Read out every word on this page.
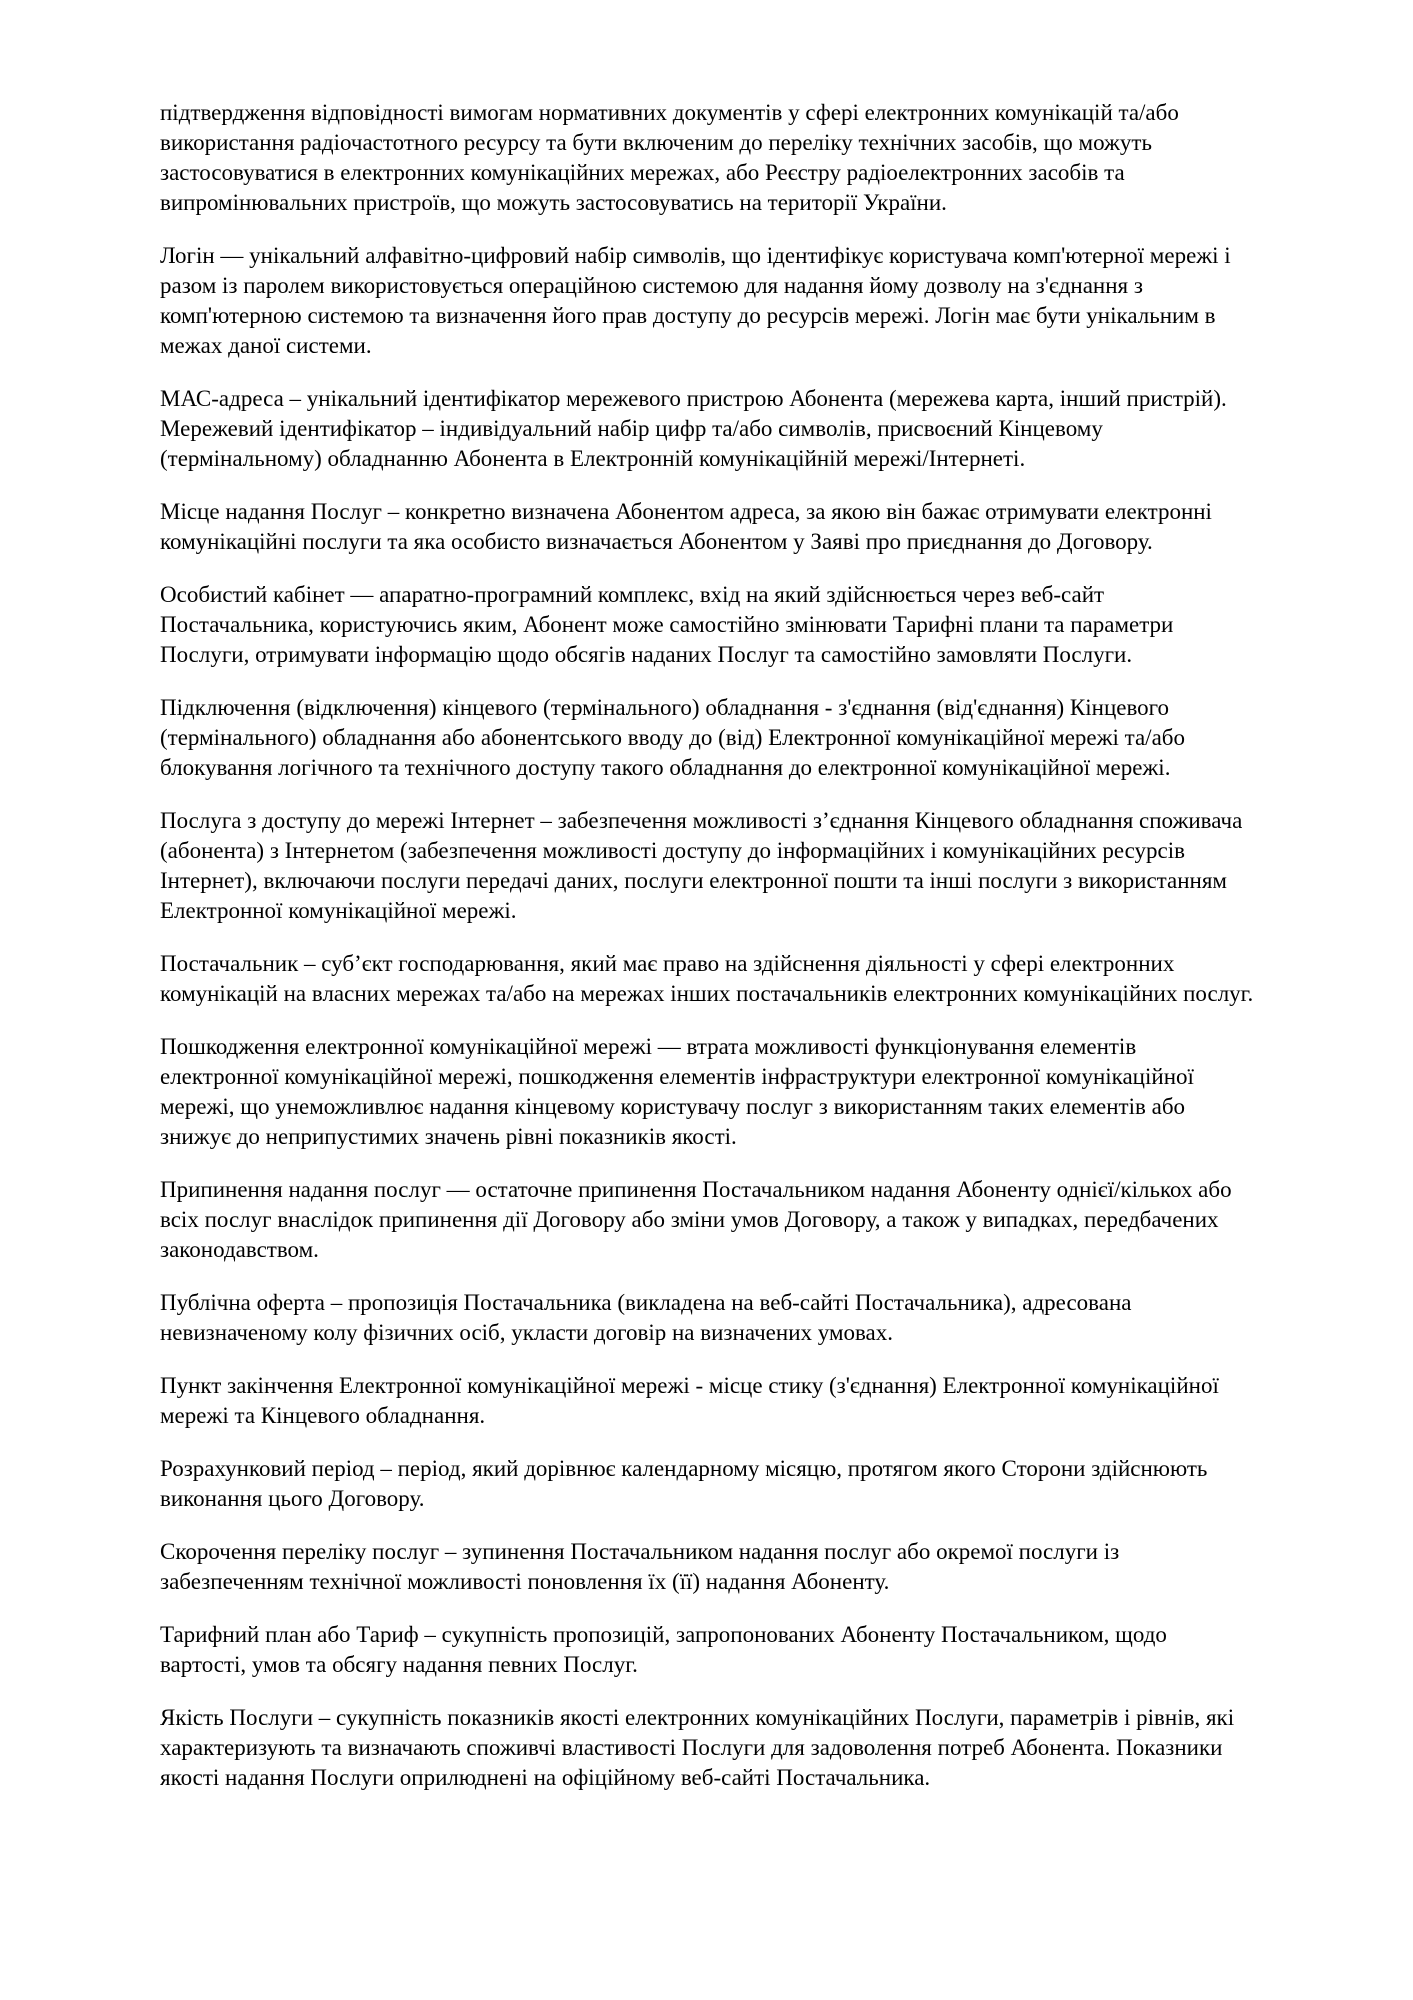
підтвердження відповідності вимогам нормативних документів у сфері електронних комунікацій та/або використання радіочастотного ресурсу та бути включеним до переліку технічних засобів, що можуть застосовуватися в електронних комунікаційних мережах, або Реєстру радіоелектронних засобів та випромінювальних пристроїв, що можуть застосовуватись на території України.

Логін — унікальний алфавітно-цифровий набір символів, що ідентифікує користувача комп'ютерної мережі і разом із паролем використовується операційною системою для надання йому дозволу на з'єднання з комп'ютерною системою та визначення його прав доступу до ресурсів мережі. Логін має бути унікальним в межах даної системи.

МАС-адреса – унікальний ідентифікатор мережевого пристрою Абонента (мережева карта, інший пристрій). Мережевий ідентифікатор – індивідуальний набір цифр та/або символів, присвоєний Кінцевому (термінальному) обладнанню Абонента в Електронній комунікаційній мережі/Інтернеті.

Місце надання Послуг – конкретно визначена Абонентом адреса, за якою він бажає отримувати електронні комунікаційні послуги та яка особисто визначається Абонентом у Заяві про приєднання до Договору.

Особистий кабінет — апаратно-програмний комплекс, вхід на який здійснюється через веб-сайт Постачальника, користуючись яким, Абонент може самостійно змінювати Тарифні плани та параметри Послуги, отримувати інформацію щодо обсягів наданих Послуг та самостійно замовляти Послуги.

Підключення (відключення) кінцевого (термінального) обладнання - з'єднання (від'єднання) Кінцевого (термінального) обладнання або абонентського вводу до (від) Електронної комунікаційної мережі та/або блокування логічного та технічного доступу такого обладнання до електронної комунікаційної мережі.

Послуга з доступу до мережі Інтернет – забезпечення можливості з’єднання Кінцевого обладнання споживача (абонента) з Інтернетом (забезпечення можливості доступу до інформаційних і комунікаційних ресурсів Інтернет), включаючи послуги передачі даних, послуги електронної пошти та інші послуги з використанням Електронної комунікаційної мережі.

Постачальник – суб’єкт господарювання, який має право на здійснення діяльності у сфері електронних комунікацій на власних мережах та/або на мережах інших постачальників електронних комунікаційних послуг.

Пошкодження електронної комунікаційної мережі — втрата можливості функціонування елементів електронної комунікаційної мережі, пошкодження елементів інфраструктури електронної комунікаційної мережі, що унеможливлює надання кінцевому користувачу послуг з використанням таких елементів або знижує до неприпустимих значень рівні показників якості.

Припинення надання послуг — остаточне припинення Постачальником надання Абоненту однієї/кількох або всіх послуг внаслідок припинення дії Договору або зміни умов Договору, а також у випадках, передбачених законодавством.

Публічна оферта – пропозиція Постачальника (викладена на веб-сайті Постачальника), адресована невизначеному колу фізичних осіб, укласти договір на визначених умовах.

Пункт закінчення Електронної комунікаційної мережі - місце стику (з'єднання) Електронної комунікаційної мережі та Кінцевого обладнання.

Розрахунковий період – період, який дорівнює календарному місяцю, протягом якого Сторони здійснюють виконання цього Договору.

Скорочення переліку послуг – зупинення Постачальником надання послуг або окремої послуги із забезпеченням технічної можливості поновлення їх (її) надання Абоненту.

Тарифний план або Тариф – сукупність пропозицій, запропонованих Абоненту Постачальником, щодо вартості, умов та обсягу надання певних Послуг.

Якість Послуги – сукупність показників якості електронних комунікаційних Послуги, параметрів і рівнів, які характеризують та визначають споживчі властивості Послуги для задоволення потреб Абонента. Показники якості надання Послуги оприлюднені на офіційному веб-сайті Постачальника.
